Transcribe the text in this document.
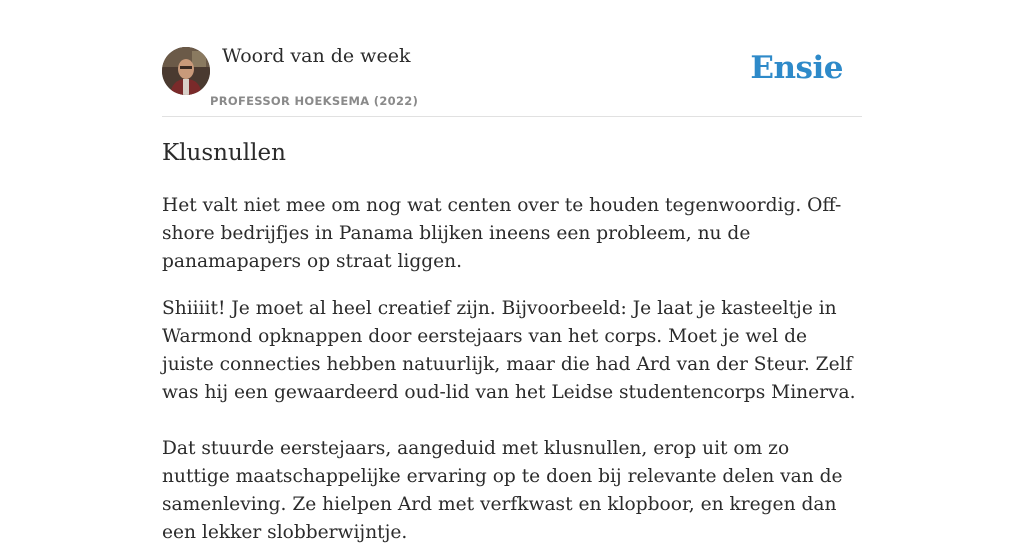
Woord van de week
PROFESSOR HOEKSEMA (2022)
Ensie
Klusnullen

Het valt niet mee om nog wat centen over te houden tegenwoordig. Off-shore bedrijfjes in Panama blijken ineens een probleem, nu de panamapapers op straat liggen.

Shiiiit! Je moet al heel creatief zijn. Bijvoorbeeld: Je laat je kasteeltje in Warmond opknappen door eerstejaars van het corps. Moet je wel de juiste connecties hebben natuurlijk, maar die had Ard van der Steur. Zelf was hij een gewaardeerd oud-lid van het Leidse studentencorps Minerva.

Dat stuurde eerstejaars, aangeduid met klusnullen, erop uit om zo nuttige maatschappelijke ervaring op te doen bij relevante delen van de samenleving. Ze hielpen Ard met verfkwast en klopboor, en kregen dan een lekker slobberwijntje.
